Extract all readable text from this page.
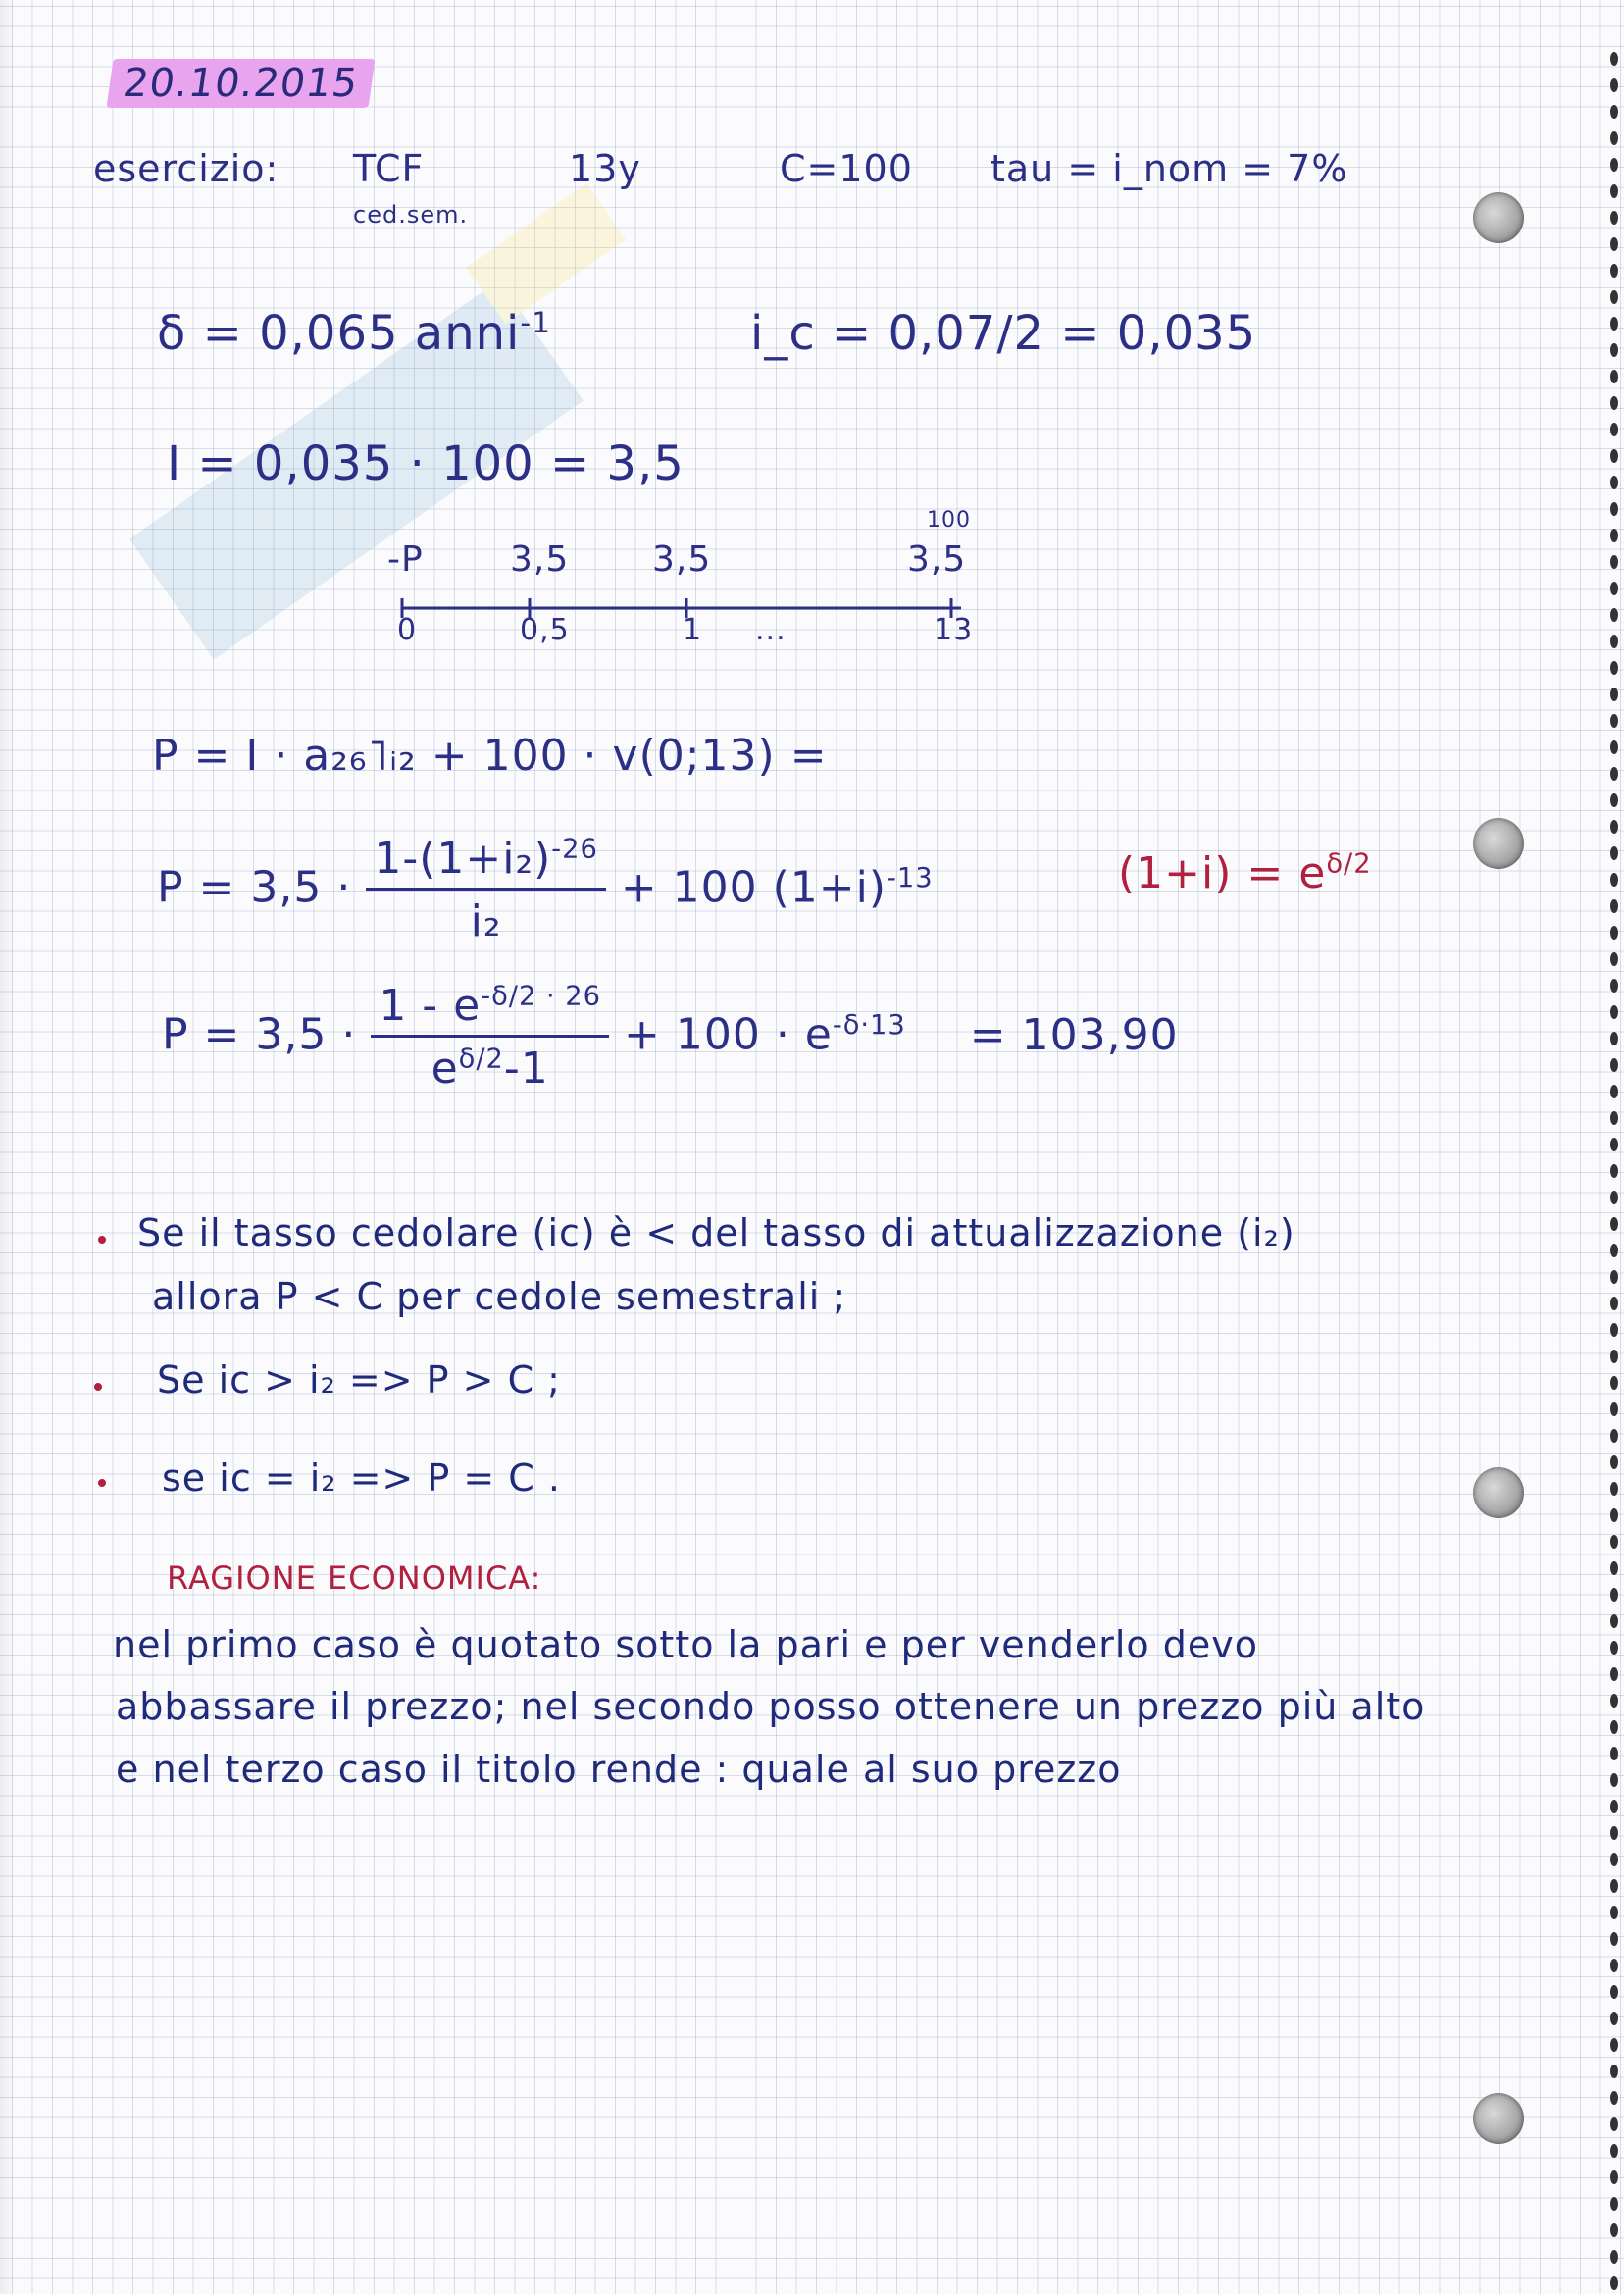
20.10.2015
esercizio: TCF
ced.sem.
13y	C=100 tau = i_nom = 7%
δ = 0,065 anni$^{-1}$	i_c = 0,07/2 = 0,035
I = 0,035 · 100 = 3,5
-P 3,5 3,5	3,5
100
0	0,5	1 ...	13
P = I · a₂₆˥ᵢ₂ + 100 · v(0;13) =
$P = 3,5 \cdot \frac{1-(1+i_2)^{-26}}{\text{i₂}} + 100$ $(1+i)^{-13}$	$(1+i) = e^{\delta/2}$
$P = 3,5 \cdot \frac{1 - e^{-\delta/2 \cdot 26}}{e^{\delta/2}-1} + 100 \cdot e^{-\delta\cdot 13} = 103,90$
Se il tasso cedolare (ic) è < del tasso di attualizzazione (i₂)
allora P < C per cedole semestrali ;
Se ic > i₂ => P > C ;
se ic = i₂ => P = C .
RAGIONE ECONOMICA:
nel primo caso è quotato sotto la pari e per venderlo devo
abbassare il prezzo; nel secondo posso ottenere un prezzo più alto
e nel terzo caso il titolo rende : quale al suo prezzo
